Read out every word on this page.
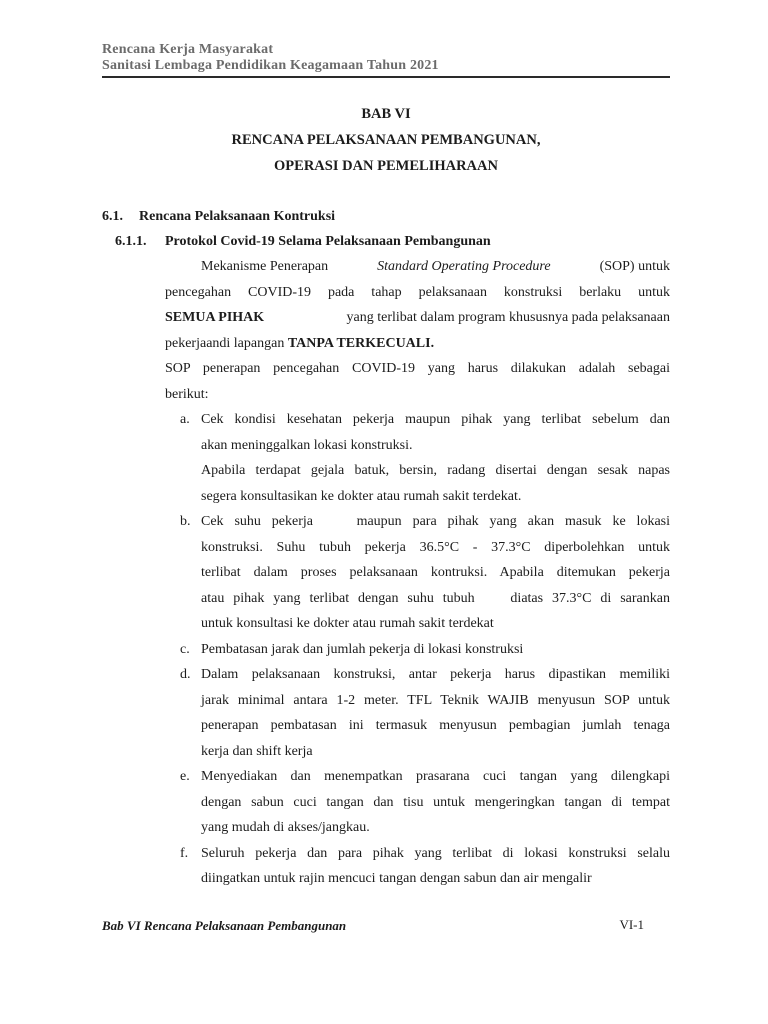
Rencana Kerja Masyarakat
Sanitasi Lembaga Pendidikan Keagamaan Tahun 2021
BAB VI
RENCANA PELAKSANAAN PEMBANGUNAN,
OPERASI DAN PEMELIHARAAN
6.1. Rencana Pelaksanaan Kontruksi
6.1.1. Protokol Covid-19 Selama Pelaksanaan Pembangunan
Mekanisme Penerapan	Standard Operating Procedure	(SOP) untuk
pencegahan COVID-19 pada tahap pelaksanaan konstruksi berlaku untuk
SEMUA PIHAK	yang terlibat dalam program khususnya pada pelaksanaan
pekerjaandi lapangan TANPA TERKECUALI.
SOP penerapan pencegahan COVID-19 yang harus dilakukan adalah sebagai
berikut:
a. Cek kondisi kesehatan pekerja maupun pihak yang terlibat sebelum dan
akan meninggalkan lokasi konstruksi.
Apabila terdapat gejala batuk, bersin, radang disertai dengan sesak napas
segera konsultasikan ke dokter atau rumah sakit terdekat.
b. Cek suhu pekerja    maupun para pihak yang akan masuk ke lokasi
konstruksi. Suhu tubuh pekerja 36.5°C - 37.3°C diperbolehkan untuk
terlibat dalam proses pelaksanaan kontruksi. Apabila ditemukan pekerja
atau pihak yang terlibat dengan suhu tubuh    diatas 37.3°C di sarankan
untuk konsultasi ke dokter atau rumah sakit terdekat
c. Pembatasan jarak dan jumlah pekerja di lokasi konstruksi
d. Dalam pelaksanaan konstruksi, antar pekerja harus dipastikan memiliki
jarak minimal antara 1-2 meter. TFL Teknik WAJIB menyusun SOP untuk
penerapan pembatasan ini termasuk menyusun pembagian jumlah tenaga
kerja dan shift kerja
e. Menyediakan dan menempatkan prasarana cuci tangan yang dilengkapi
dengan sabun cuci tangan dan tisu untuk mengeringkan tangan di tempat
yang mudah di akses/jangkau.
f. Seluruh pekerja dan para pihak yang terlibat di lokasi konstruksi selalu
diingatkan untuk rajin mencuci tangan dengan sabun dan air mengalir
Bab VI Rencana Pelaksanaan Pembangunan	VI-1
